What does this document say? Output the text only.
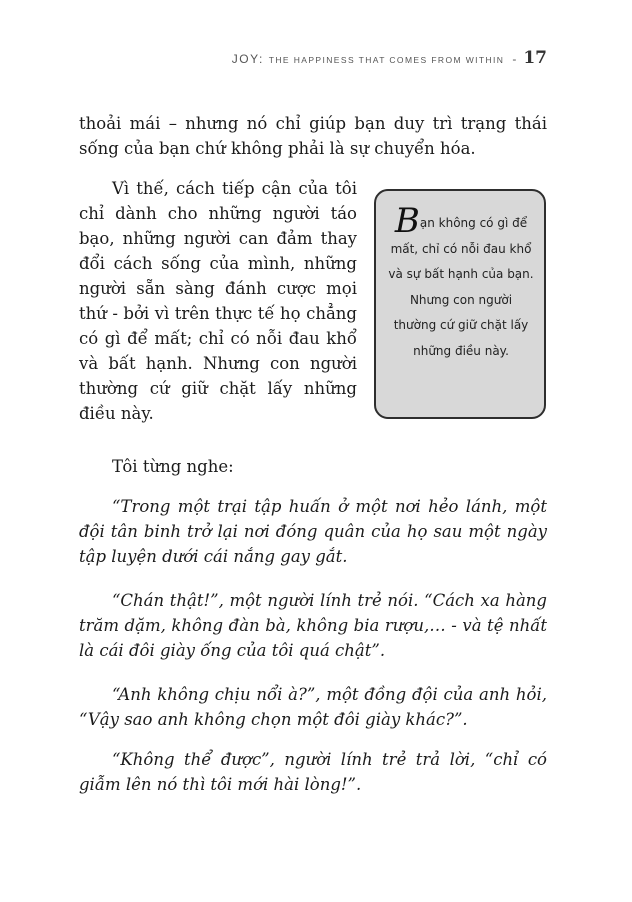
JOY: THE HAPPINESS THAT COMES FROM WITHIN - 17

thoải mái – nhưng nó chỉ giúp bạn duy trì trạng thái sống của bạn chứ không phải là sự chuyển hóa.

Vì thế, cách tiếp cận của tôi chỉ dành cho những người táo bạo, những người can đảm thay đổi cách sống của mình, những người sẵn sàng đánh cược mọi thứ - bởi vì trên thực tế họ chẳng có gì để mất; chỉ có nỗi đau khổ và bất hạnh. Nhưng con người thường cứ giữ chặt lấy những điều này.

Bạn không có gì để mất, chỉ có nỗi đau khổ và sự bất hạnh của bạn. Nhưng con người thường cứ giữ chặt lấy những điều này.

Tôi từng nghe:

“Trong một trại tập huấn ở một nơi hẻo lánh, một đội tân binh trở lại nơi đóng quân của họ sau một ngày tập luyện dưới cái nắng gay gắt.

“Chán thật!”, một người lính trẻ nói. “Cách xa hàng trăm dặm, không đàn bà, không bia rượu,… - và tệ nhất là cái đôi giày ống của tôi quá chật”.

“Anh không chịu nổi à?”, một đồng đội của anh hỏi, “Vậy sao anh không chọn một đôi giày khác?”.

“Không thể được”, người lính trẻ trả lời, “chỉ có giẫm lên nó thì tôi mới hài lòng!”.
